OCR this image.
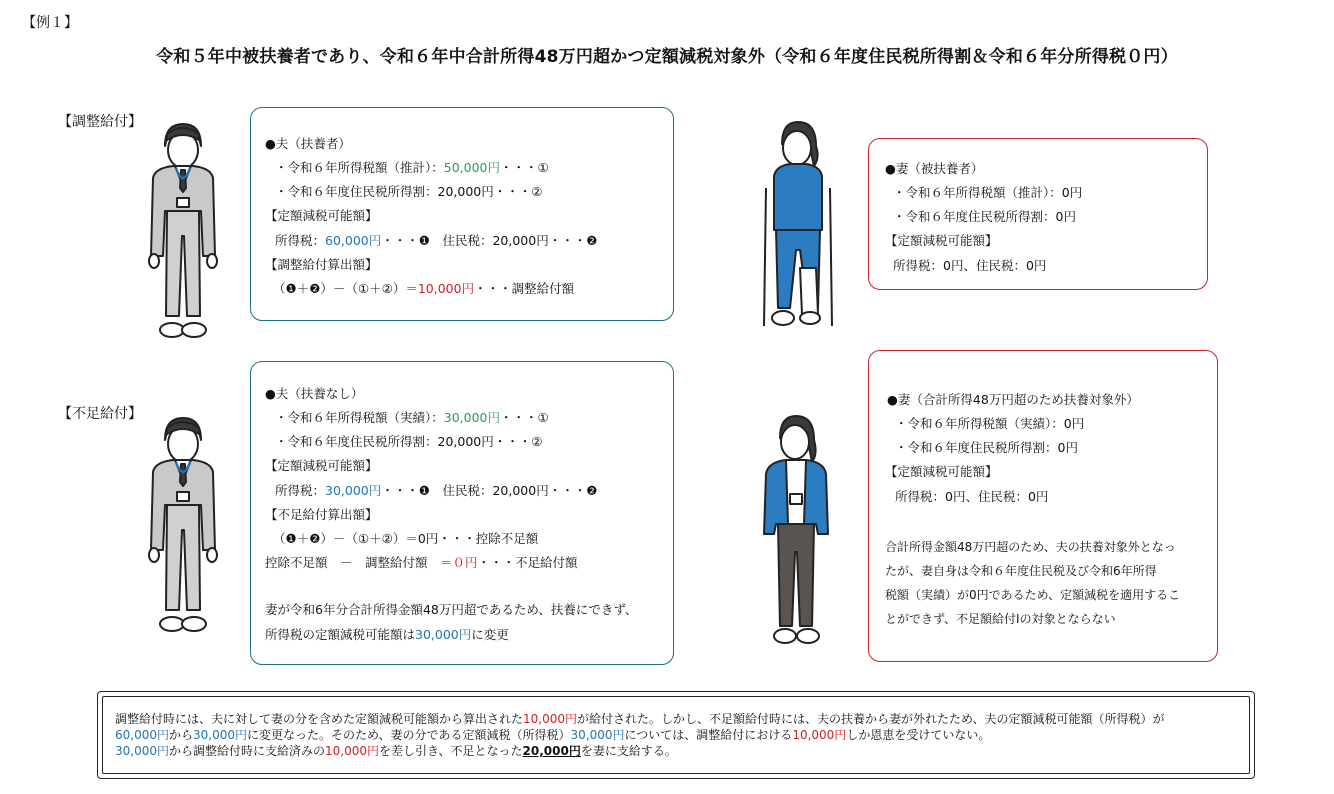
【例１】
令和５年中被扶養者であり、令和６年中合計所得48万円超かつ定額減税対象外（令和６年度住民税所得割＆令和６年分所得税０円）
【調整給付】
【不足給付】
●夫（扶養者）
・令和６年所得税額（推計）：50,000円・・・①
・令和６年度住民税所得割：20,000円・・・②
【定額減税可能額】
所得税：60,000円・・・❶　住民税：20,000円・・・❷
【調整給付算出額】
（❶＋❷）－（①＋②）＝10,000円・・・調整給付額
●妻（被扶養者）
・令和６年所得税額（推計）：0円
・令和６年度住民税所得割：0円
【定額減税可能額】
所得税：0円、住民税：0円
●夫（扶養なし）
・令和６年所得税額（実績）：30,000円・・・①
・令和６年度住民税所得割：20,000円・・・②
【定額減税可能額】
所得税：30,000円・・・❶　住民税：20,000円・・・❷
【不足給付算出額】
（❶＋❷）－（①＋②）＝0円・・・控除不足額
控除不足額　－　調整給付額　＝０円・・・不足給付額
妻が令和6年分合計所得金額48万円超であるため、扶養にできず、
所得税の定額減税可能額は30,000円に変更
●妻（合計所得48万円超のため扶養対象外）
・令和６年所得税額（実績）：0円
・令和６年度住民税所得割：0円
【定額減税可能額】
所得税：0円、住民税：0円
合計所得金額48万円超のため、夫の扶養対象外となっ
たが、妻自身は令和６年度住民税及び令和6年所得
税額（実績）が0円であるため、定額減税を適用するこ
とができず、不足額給付Ⅰの対象とならない
調整給付時には、夫に対して妻の分を含めた定額減税可能額から算出された10,000円が給付された。しかし、不足額給付時には、夫の扶養から妻が外れたため、夫の定額減税可能額（所得税）が
60,000円から30,000円に変更なった。そのため、妻の分である定額減税（所得税）30,000円については、調整給付における10,000円しか恩恵を受けていない。
30,000円から調整給付時に支給済みの10,000円を差し引き、不足となった20,000円を妻に支給する。
